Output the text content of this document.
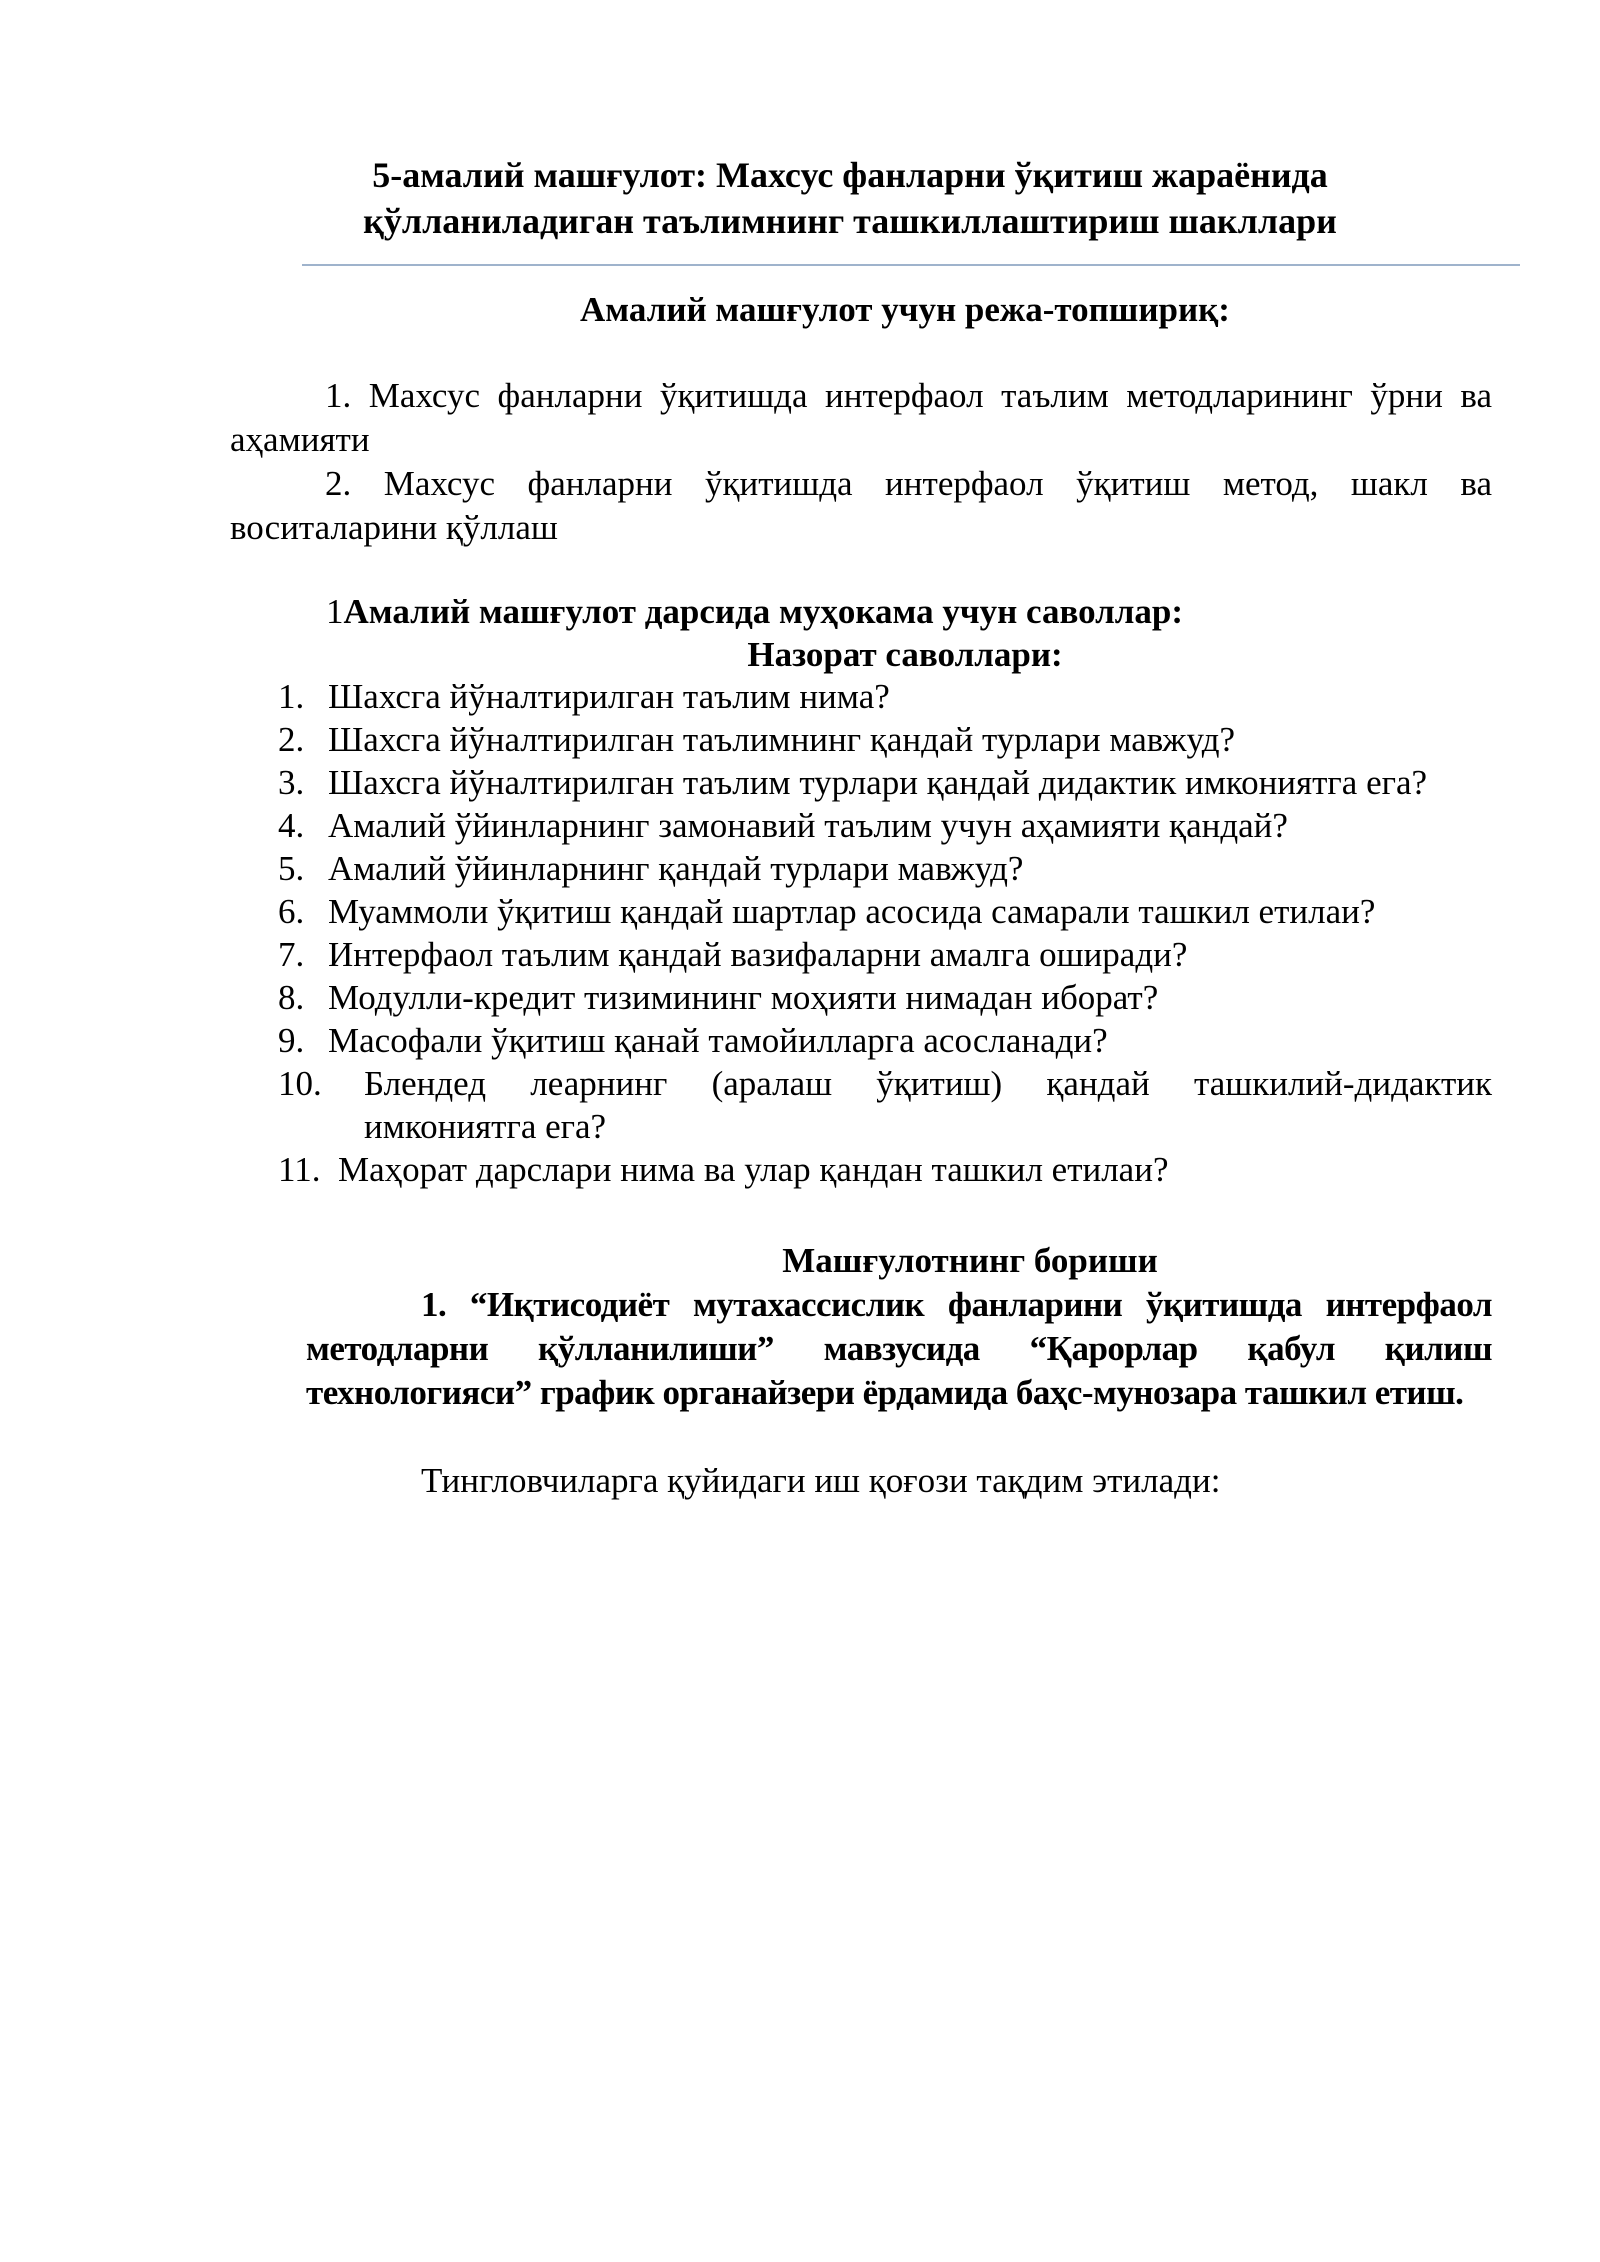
5-амалий машғулот: Махсус фанларни ўқитиш жараёнида
қўлланиладиган таълимнинг ташкиллаштириш шакллари
Амалий машғулот учун режа-топшириқ:

1. Махсус фанларни ўқитишда интерфаол таълим методларининг ўрни ва аҳамияти

2. Махсус фанларни ўқитишда интерфаол ўқитиш метод, шакл ва воситаларини қўллаш

1Амалий машғулот дарсида муҳокама учун саволлар:
Назорат саволлари:
1. Шахсга йўналтирилган таълим нима?
2. Шахсга йўналтирилган таълимнинг қандай турлари мавжуд?
3. Шахсга йўналтирилган таълим турлари қандай дидактик имкониятга ега?
4. Амалий ўйинларнинг замонавий таълим учун аҳамияти қандай?
5. Амалий ўйинларнинг қандай турлари мавжуд?
6. Муаммоли ўқитиш қандай шартлар асосида самарали ташкил етилаи?
7. Интерфаол таълим қандай вазифаларни амалга оширади?
8. Модулли-кредит тизимининг моҳияти нимадан иборат?
9. Масофали ўқитиш қанай тамойилларга асосланади?
10.	Блендед леарнинг (аралаш ўқитиш) қандай ташкилий-дидактик имкониятга ега?
11. Маҳорат дарслари нима ва улар қандан ташкил етилаи?
Машғулотнинг бориши
1. “Иқтисодиёт мутахассислик фанларини ўқитишда интерфаол методларни қўлланилиши” мавзусида “Қарорлар қабул қилиш технологияси” график органайзери ёрдамида баҳс-мунозара ташкил етиш.
Тингловчиларга қуйидаги иш қоғози тақдим этилади:
